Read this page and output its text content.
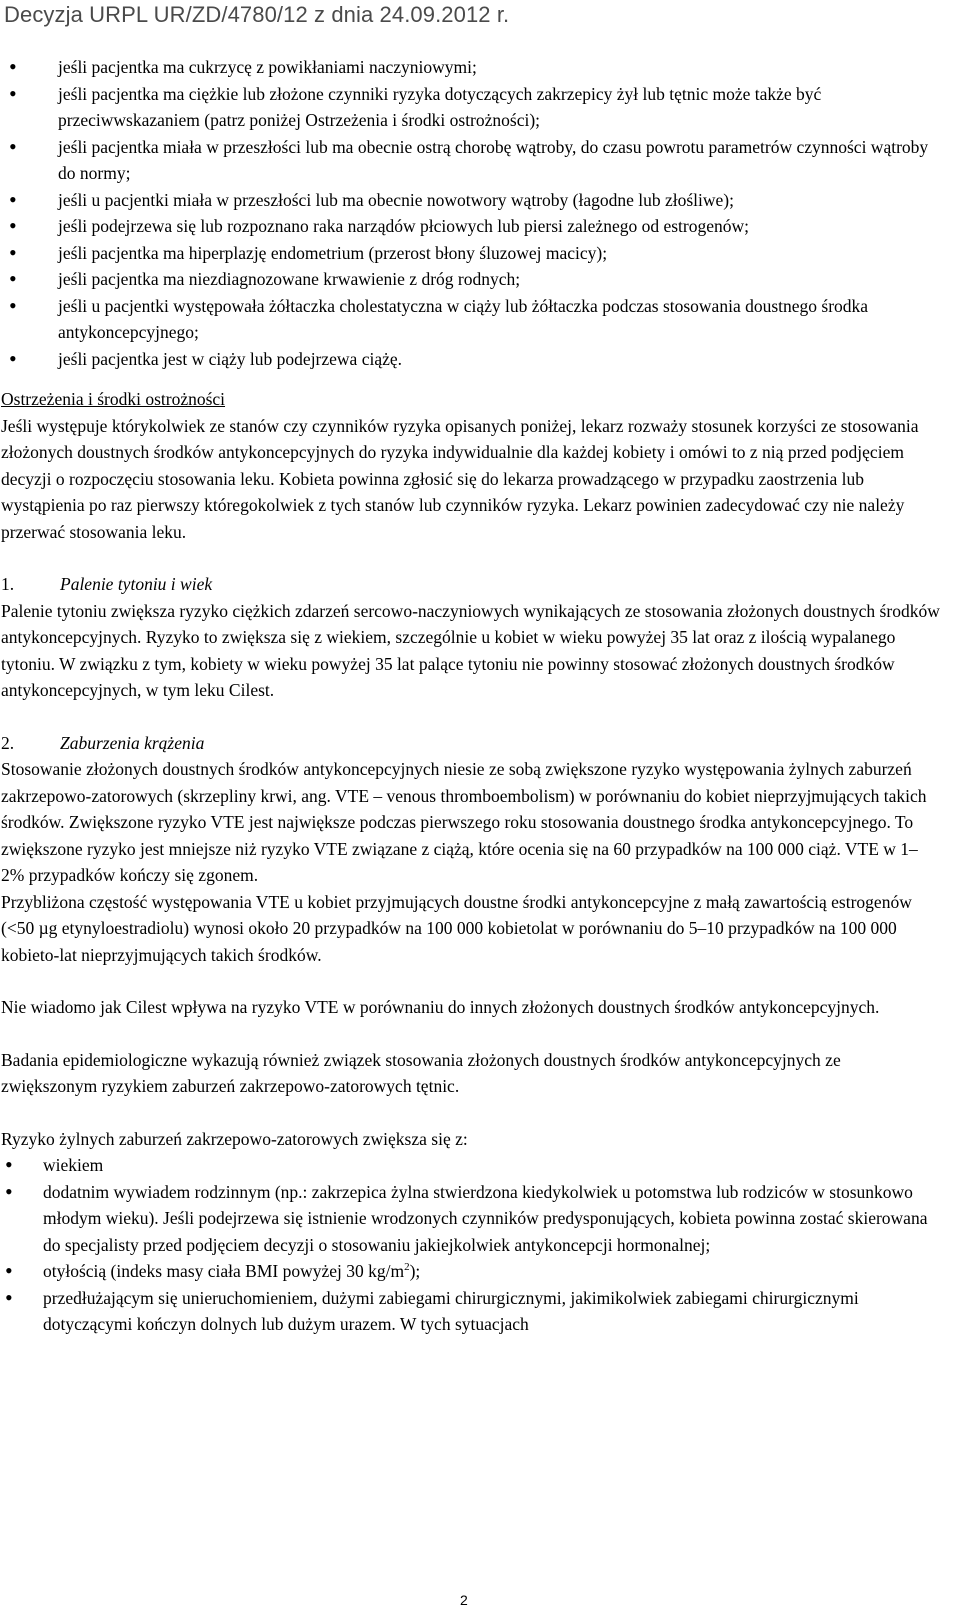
Decyzja URPL UR/ZD/4780/12 z dnia 24.09.2012 r.
• jeśli pacjentka ma cukrzycę z powikłaniami naczyniowymi;
• jeśli pacjentka ma ciężkie lub złożone czynniki ryzyka dotyczących zakrzepicy żył lub tętnic może także być przeciwwskazaniem (patrz poniżej Ostrzeżenia i środki ostrożności);
• jeśli pacjentka miała w przeszłości lub ma obecnie ostrą chorobę wątroby, do czasu powrotu parametrów czynności wątroby do normy;
• jeśli u pacjentki miała w przeszłości lub ma obecnie nowotwory wątroby (łagodne lub złośliwe);
• jeśli podejrzewa się lub rozpoznano raka narządów płciowych lub piersi zależnego od estrogenów;
• jeśli pacjentka ma hiperplazję endometrium (przerost błony śluzowej macicy);
• jeśli pacjentka ma niezdiagnozowane krwawienie z dróg rodnych;
• jeśli u pacjentki występowała żółtaczka cholestatyczna w ciąży lub żółtaczka podczas stosowania doustnego środka antykoncepcyjnego;
• jeśli pacjentka jest w ciąży lub podejrzewa ciążę.
Ostrzeżenia i środki ostrożności

Jeśli występuje którykolwiek ze stanów czy czynników ryzyka opisanych poniżej, lekarz rozważy stosunek korzyści ze stosowania złożonych doustnych środków antykoncepcyjnych do ryzyka indywidualnie dla każdej kobiety i omówi to z nią przed podjęciem decyzji o rozpoczęciu stosowania leku. Kobieta powinna zgłosić się do lekarza prowadzącego w przypadku zaostrzenia lub wystąpienia po raz pierwszy któregokolwiek z tych stanów lub czynników ryzyka. Lekarz powinien zadecydować czy nie należy przerwać stosowania leku.

1.	Palenie tytoniu i wiek

Palenie tytoniu zwiększa ryzyko ciężkich zdarzeń sercowo-naczyniowych wynikających ze stosowania złożonych doustnych środków antykoncepcyjnych. Ryzyko to zwiększa się z wiekiem, szczególnie u kobiet w wieku powyżej 35 lat oraz z ilością wypalanego tytoniu. W związku z tym, kobiety w wieku powyżej 35 lat palące tytoniu nie powinny stosować złożonych doustnych środków antykoncepcyjnych, w tym leku Cilest.

2.	Zaburzenia krążenia

Stosowanie złożonych doustnych środków antykoncepcyjnych niesie ze sobą zwiększone ryzyko występowania żylnych zaburzeń zakrzepowo-zatorowych (skrzepliny krwi, ang. VTE – venous thromboembolism) w porównaniu do kobiet nieprzyjmujących takich środków. Zwiększone ryzyko VTE jest największe podczas pierwszego roku stosowania doustnego środka antykoncepcyjnego. To zwiększone ryzyko jest mniejsze niż ryzyko VTE związane z ciążą, które ocenia się na 60 przypadków na 100 000 ciąż. VTE w 1–2% przypadków kończy się zgonem.

Przybliżona częstość występowania VTE u kobiet przyjmujących doustne środki antykoncepcyjne z małą zawartością estrogenów (<50 µg etynyloestradiolu) wynosi około 20 przypadków na 100 000 kobietolat w porównaniu do 5–10 przypadków na 100 000 kobieto-lat nieprzyjmujących takich środków.

Nie wiadomo jak Cilest wpływa na ryzyko VTE w porównaniu do innych złożonych doustnych środków antykoncepcyjnych.

Badania epidemiologiczne wykazują również związek stosowania złożonych doustnych środków antykoncepcyjnych ze zwiększonym ryzykiem zaburzeń zakrzepowo-zatorowych tętnic.

Ryzyko żylnych zaburzeń zakrzepowo-zatorowych zwiększa się z:

• wiekiem
• dodatnim wywiadem rodzinnym (np.: zakrzepica żylna stwierdzona kiedykolwiek u potomstwa lub rodziców w stosunkowo młodym wieku). Jeśli podejrzewa się istnienie wrodzonych czynników predysponujących, kobieta powinna zostać skierowana do specjalisty przed podjęciem decyzji o stosowaniu jakiejkolwiek antykoncepcji hormonalnej;
• otyłością (indeks masy ciała BMI powyżej 30 $kg/m^2$);
• przedłużającym się unieruchomieniem, dużymi zabiegami chirurgicznymi, jakimikolwiek zabiegami chirurgicznymi dotyczącymi kończyn dolnych lub dużym urazem. W tych sytuacjach
2
